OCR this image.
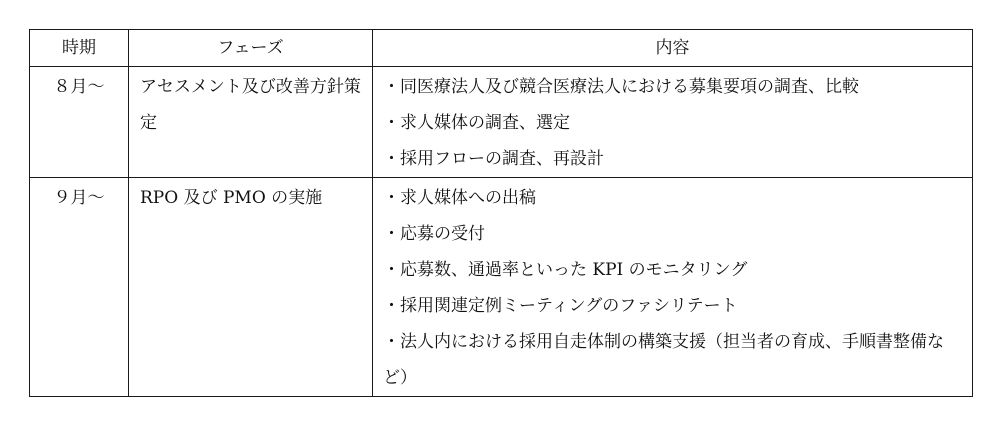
時期	フェーズ	内容
８月～	アセスメント及び改善方針策定	・同医療法人及び競合医療法人における募集要項の調査、比較
・求人媒体の調査、選定
・採用フローの調査、再設計

９月～	RPO 及び PMO の実施	・求人媒体への出稿
・応募の受付
・応募数、通過率といった KPI のモニタリング
・採用関連定例ミーティングのファシリテート
・法人内における採用自走体制の構築支援（担当者の育成、手順書整備など）
